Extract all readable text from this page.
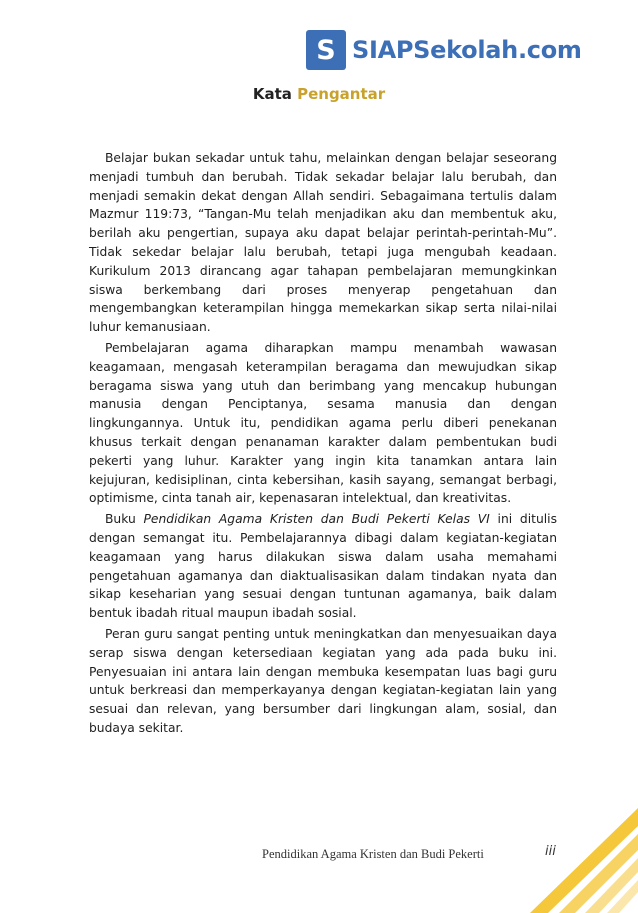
S SIAPSekolah.com
Kata Pengantar

Belajar bukan sekadar untuk tahu, melainkan dengan belajar seseorang menjadi tumbuh dan berubah. Tidak sekadar belajar lalu berubah, dan menjadi semakin dekat dengan Allah sendiri. Sebagaimana tertulis dalam Mazmur 119:73, “Tangan-Mu telah menjadikan aku dan membentuk aku, berilah aku pengertian, supaya aku dapat belajar perintah-perintah-Mu”. Tidak sekedar belajar lalu berubah, tetapi juga mengubah keadaan. Kurikulum 2013 dirancang agar tahapan pembelajaran memungkinkan siswa berkembang dari proses menyerap pengetahuan dan mengembangkan keterampilan hingga memekarkan sikap serta nilai-nilai luhur kemanusiaan.

Pembelajaran agama diharapkan mampu menambah wawasan keagamaan, mengasah keterampilan beragama dan mewujudkan sikap beragama siswa yang utuh dan berimbang yang mencakup hubungan manusia dengan Penciptanya, sesama manusia dan dengan lingkungannya. Untuk itu, pendidikan agama perlu diberi penekanan khusus terkait dengan penanaman karakter dalam pembentukan budi pekerti yang luhur. Karakter yang ingin kita tanamkan antara lain kejujuran, kedisiplinan, cinta kebersihan, kasih sayang, semangat berbagi, optimisme, cinta tanah air, kepenasaran intelektual, dan kreativitas.

Buku Pendidikan Agama Kristen dan Budi Pekerti Kelas VI ini ditulis dengan semangat itu. Pembelajarannya dibagi dalam kegiatan-kegiatan keagamaan yang harus dilakukan siswa dalam usaha memahami pengetahuan agamanya dan diaktualisasikan dalam tindakan nyata dan sikap keseharian yang sesuai dengan tuntunan agamanya, baik dalam bentuk ibadah ritual maupun ibadah sosial.

Peran guru sangat penting untuk meningkatkan dan menyesuaikan daya serap siswa dengan ketersediaan kegiatan yang ada pada buku ini. Penyesuaian ini antara lain dengan membuka kesempatan luas bagi guru untuk berkreasi dan memperkayanya dengan kegiatan-kegiatan lain yang sesuai dan relevan, yang bersumber dari lingkungan alam, sosial, dan budaya sekitar.

Pendidikan Agama Kristen dan Budi Pekerti	iii
